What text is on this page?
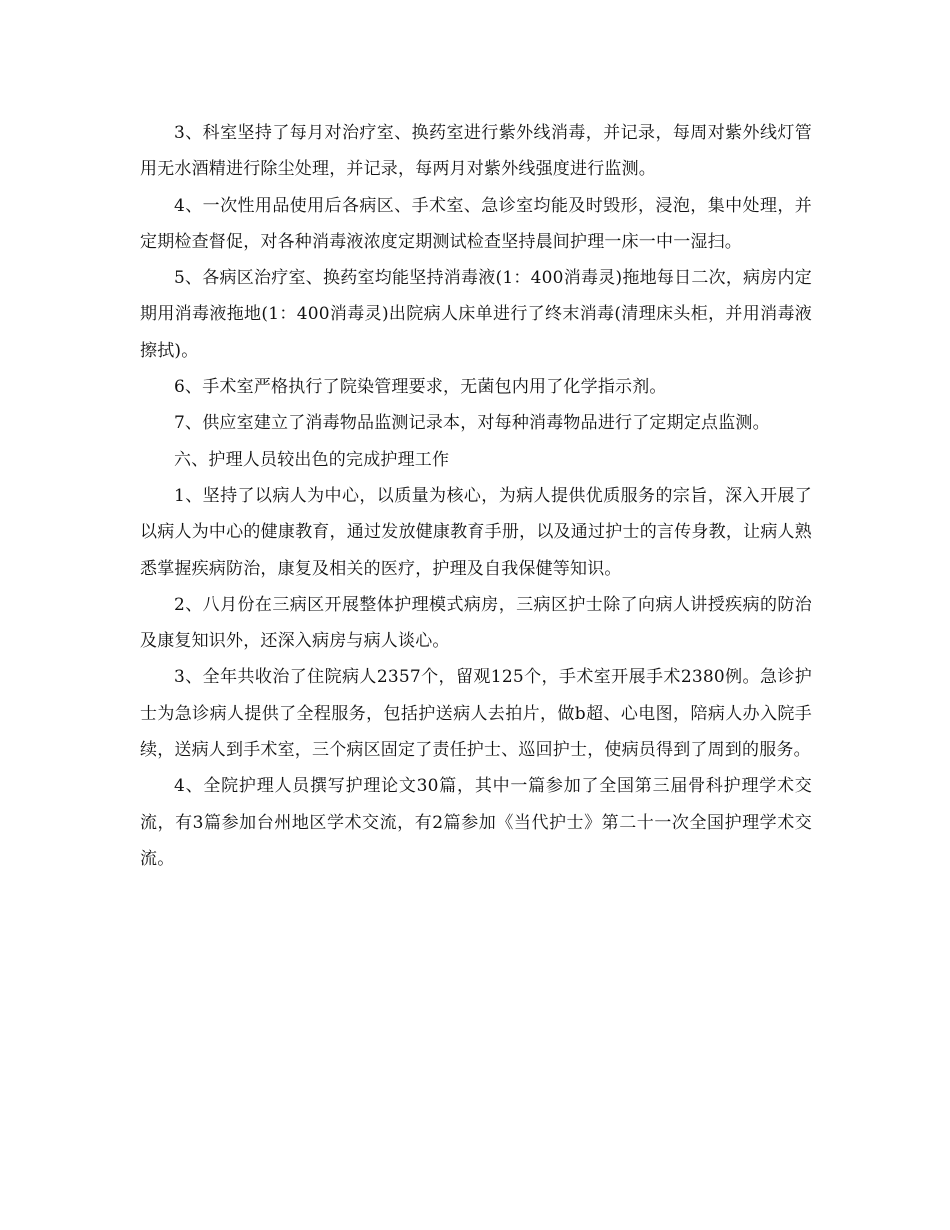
3、科室坚持了每月对治疗室、换药室进行紫外线消毒，并记录，每周对紫外线灯管用无水酒精进行除尘处理，并记录，每两月对紫外线强度进行监测。

4、一次性用品使用后各病区、手术室、急诊室均能及时毁形，浸泡，集中处理，并定期检查督促，对各种消毒液浓度定期测试检查坚持晨间护理一床一中一湿扫。

5、各病区治疗室、换药室均能坚持消毒液(1：400消毒灵)拖地每日二次，病房内定期用消毒液拖地(1：400消毒灵)出院病人床单进行了终末消毒(清理床头柜，并用消毒液擦拭)。

6、手术室严格执行了院染管理要求，无菌包内用了化学指示剂。

7、供应室建立了消毒物品监测记录本，对每种消毒物品进行了定期定点监测。

六、护理人员较出色的完成护理工作

1、坚持了以病人为中心，以质量为核心，为病人提供优质服务的宗旨，深入开展了以病人为中心的健康教育，通过发放健康教育手册，以及通过护士的言传身教，让病人熟悉掌握疾病防治，康复及相关的医疗，护理及自我保健等知识。

2、八月份在三病区开展整体护理模式病房，三病区护士除了向病人讲授疾病的防治及康复知识外，还深入病房与病人谈心。

3、全年共收治了住院病人2357个，留观125个，手术室开展手术2380例。急诊护士为急诊病人提供了全程服务，包括护送病人去拍片，做b超、心电图，陪病人办入院手续，送病人到手术室，三个病区固定了责任护士、巡回护士，使病员得到了周到的服务。

4、全院护理人员撰写护理论文30篇，其中一篇参加了全国第三届骨科护理学术交流，有3篇参加台州地区学术交流，有2篇参加《当代护士》第二十一次全国护理学术交流。
